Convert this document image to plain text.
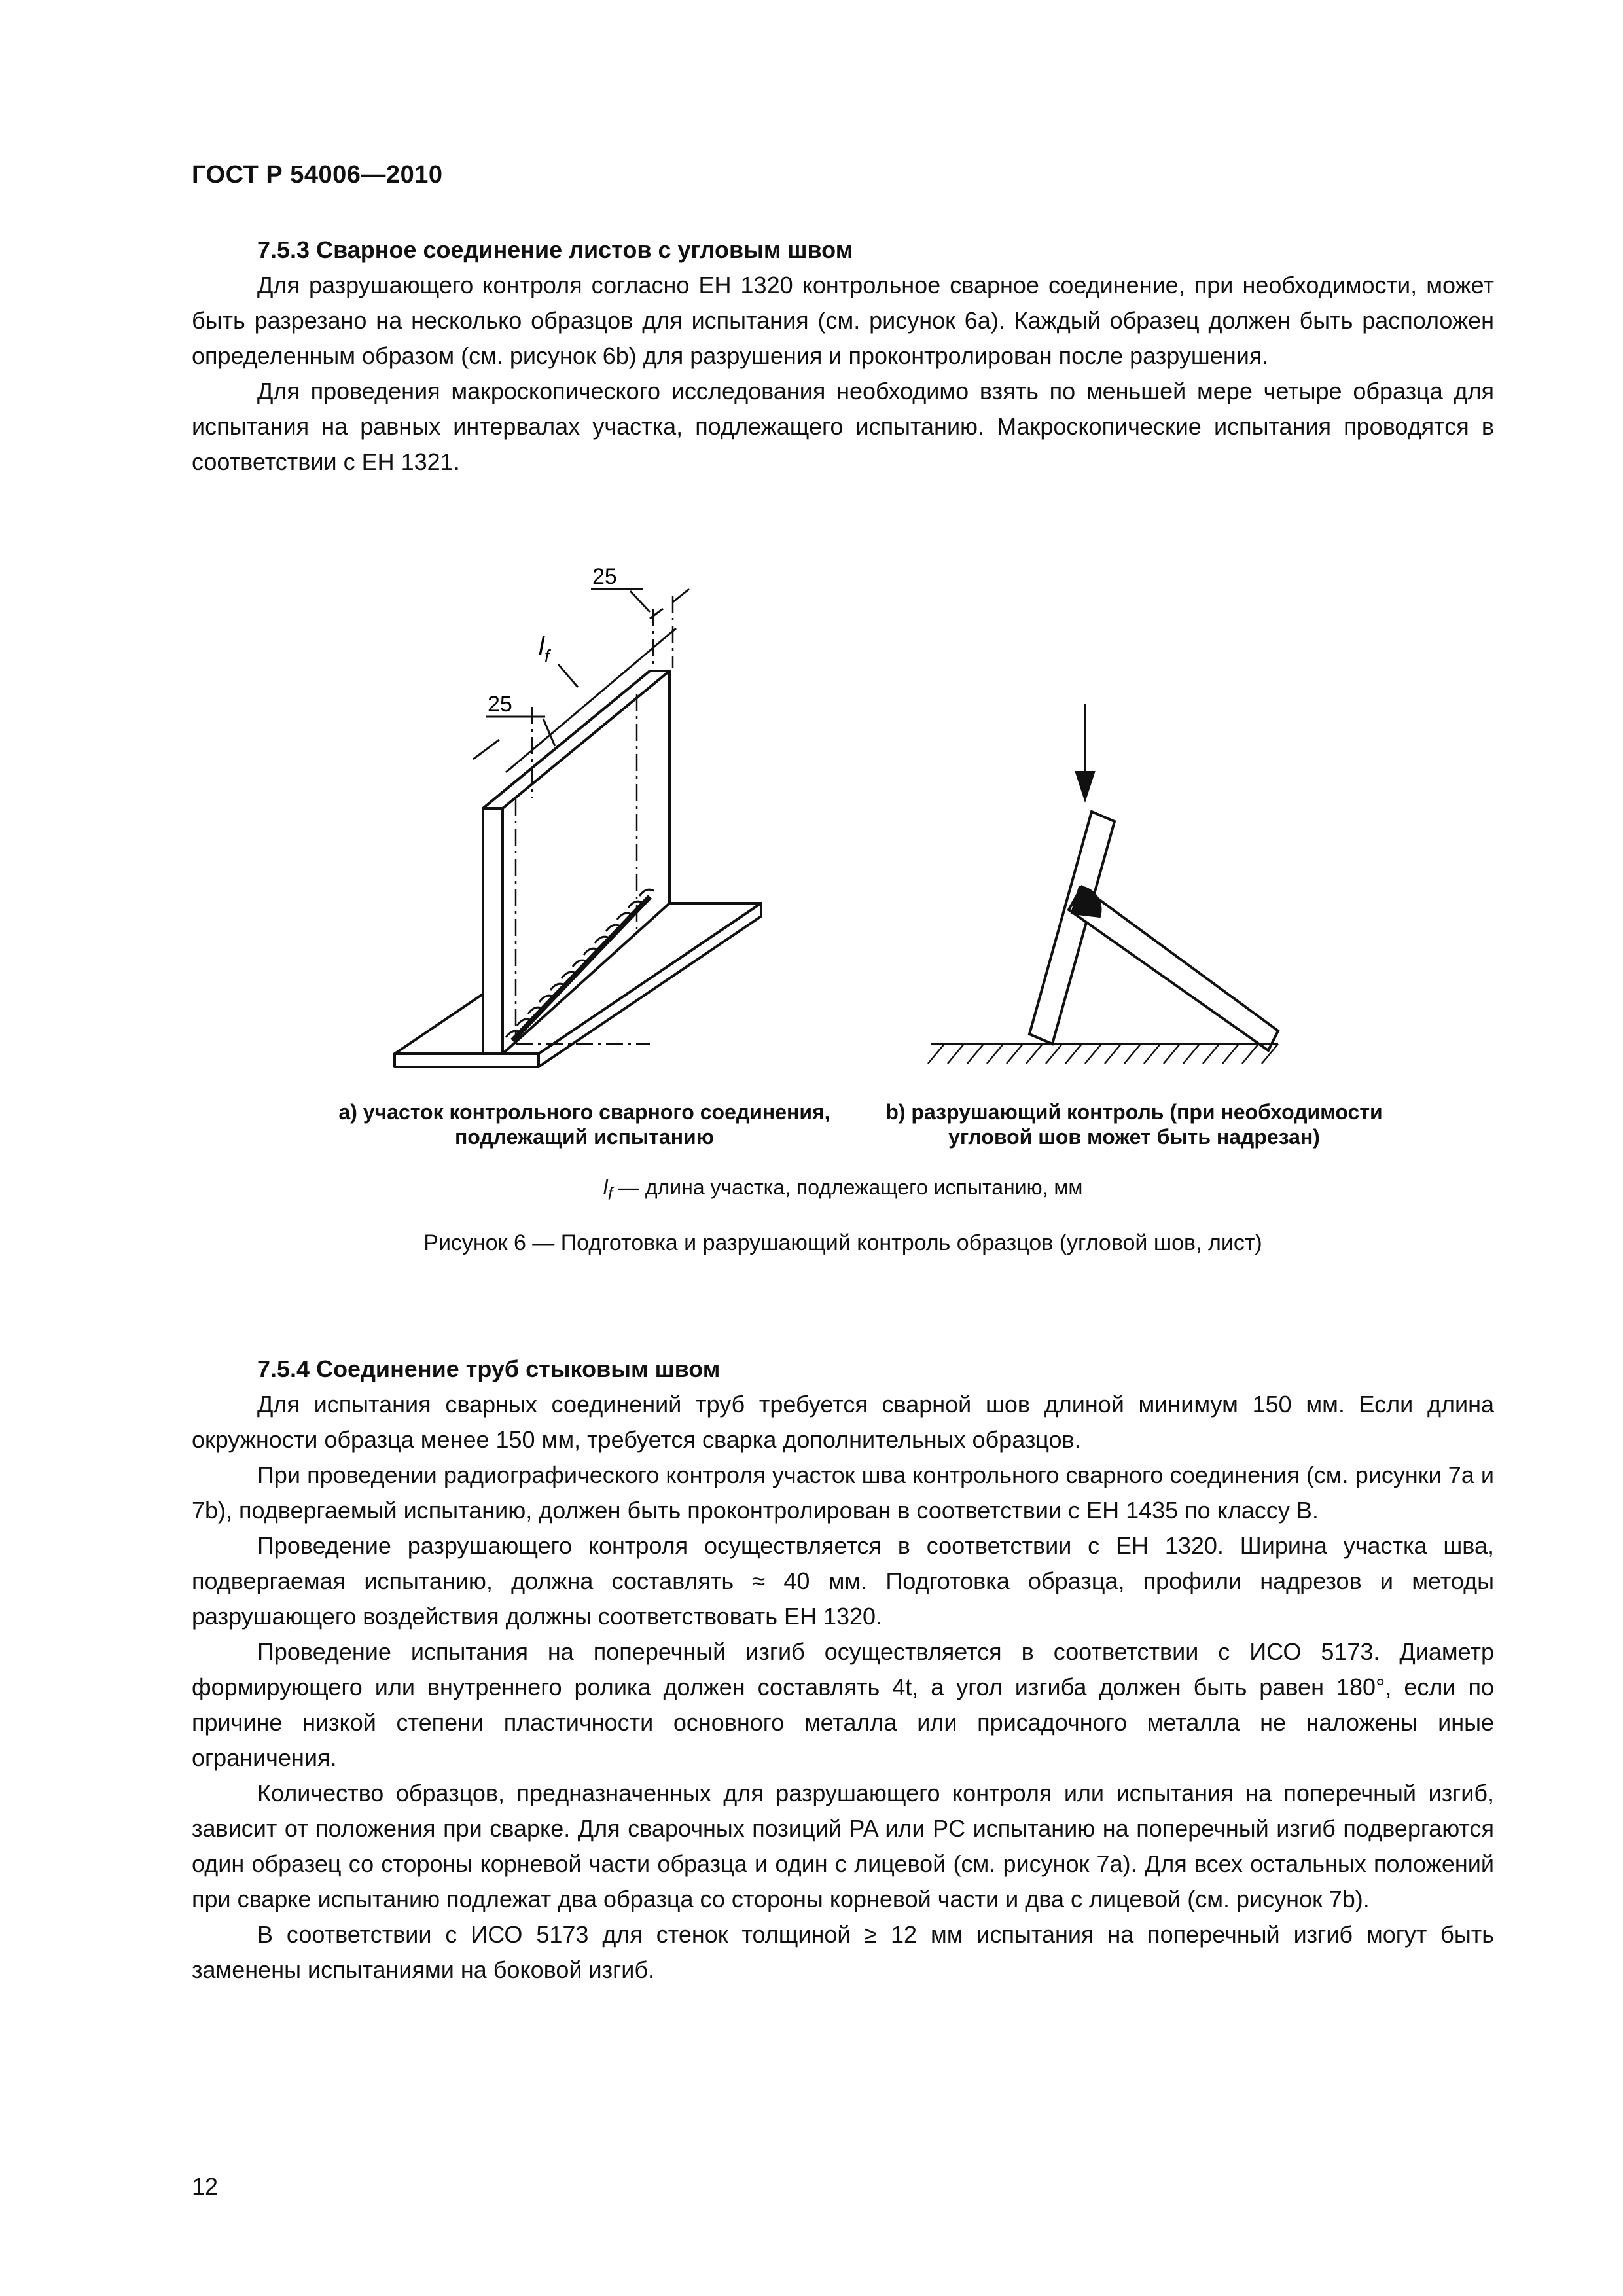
ГОСТ Р 54006—2010
7.5.3 Сварное соединение листов с угловым швом

Для разрушающего контроля согласно ЕН 1320 контрольное сварное соединение, при необходимости, может быть разрезано на несколько образцов для испытания (см. рисунок 6а). Каждый образец должен быть расположен определенным образом (см. рисунок 6b) для разрушения и проконтролирован после разрушения.

Для проведения макроскопического исследования необходимо взять по меньшей мере четыре образца для испытания на равных интервалах участка, подлежащего испытанию. Макроскопические испытания проводятся в соответствии с ЕН 1321.

25
25
$l_f$
а) участок контрольного сварного соединения, подлежащий испытанию
b) разрушающий контроль (при необходимости угловой шов может быть надрезан)
$l_f$ — длина участка, подлежащего испытанию, мм
Рисунок 6 — Подготовка и разрушающий контроль образцов (угловой шов, лист)
7.5.4 Соединение труб стыковым швом

Для испытания сварных соединений труб требуется сварной шов длиной минимум 150 мм. Если длина окружности образца менее 150 мм, требуется сварка дополнительных образцов.

При проведении радиографического контроля участок шва контрольного сварного соединения (см. рисунки 7а и 7b), подвергаемый испытанию, должен быть проконтролирован в соответствии с ЕН 1435 по классу В.

Проведение разрушающего контроля осуществляется в соответствии с ЕН 1320. Ширина участка шва, подвергаемая испытанию, должна составлять ≈ 40 мм. Подготовка образца, профили надрезов и методы разрушающего воздействия должны соответствовать ЕН 1320.

Проведение испытания на поперечный изгиб осуществляется в соответствии с ИСО 5173. Диаметр формирующего или внутреннего ролика должен составлять 4t, а угол изгиба должен быть равен 180°, если по причине низкой степени пластичности основного металла или присадочного металла не наложены иные ограничения.

Количество образцов, предназначенных для разрушающего контроля или испытания на поперечный изгиб, зависит от положения при сварке. Для сварочных позиций PA или PC испытанию на поперечный изгиб подвергаются один образец со стороны корневой части образца и один с лицевой (см. рисунок 7а). Для всех остальных положений при сварке испытанию подлежат два образца со стороны корневой части и два с лицевой (см. рисунок 7b).

В соответствии с ИСО 5173 для стенок толщиной ≥ 12 мм испытания на поперечный изгиб могут быть заменены испытаниями на боковой изгиб.

12
